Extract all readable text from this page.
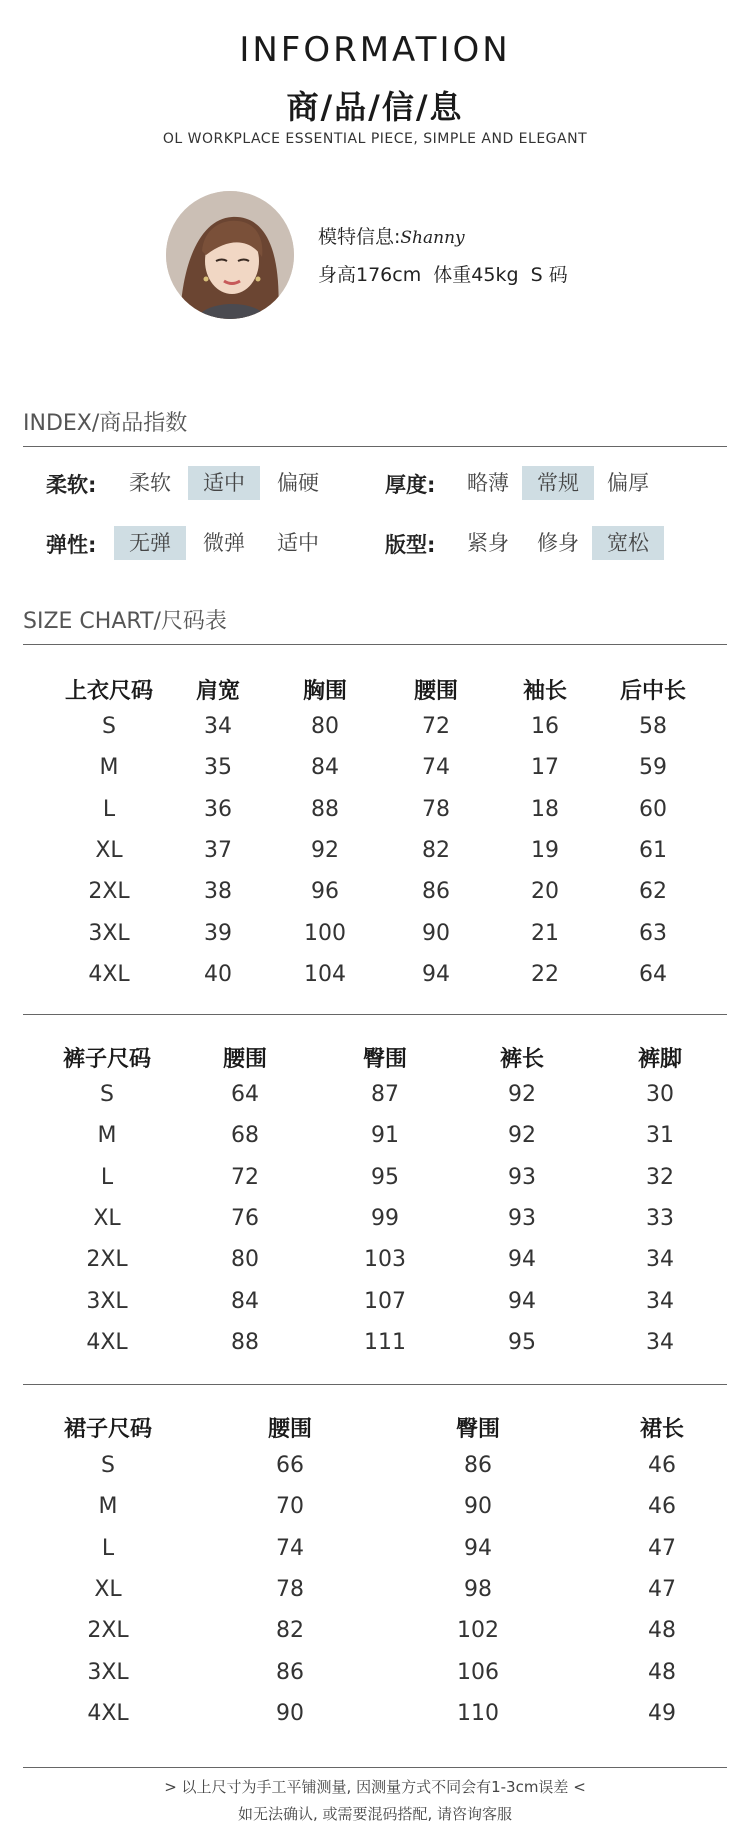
INFORMATION
商/品/信/息
OL WORKPLACE ESSENTIAL PIECE, SIMPLE AND ELEGANT
模特信息:Shanny
身高176cm  体重45kg  S 码
INDEX/商品指数
柔软:	柔软	适中	偏硬	厚度:	略薄	常规	偏厚
弹性:	无弹	微弹	适中	版型:	紧身	修身	宽松
SIZE CHART/尺码表
上衣尺码	肩宽	胸围	腰围	袖长	后中长
S	34	80	72	16	58
M	35	84	74	17	59
L	36	88	78	18	60
XL	37	92	82	19	61
2XL	38	96	86	20	62
3XL	39	100	90	21	63
4XL	40	104	94	22	64
裤子尺码	腰围	臀围	裤长	裤脚
S	64	87	92	30
M	68	91	92	31
L	72	95	93	32
XL	76	99	93	33
2XL	80	103	94	34
3XL	84	107	94	34
4XL	88	111	95	34
裙子尺码	腰围	臀围	裙长
S	66	86	46
M	70	90	46
L	74	94	47
XL	78	98	47
2XL	82	102	48
3XL	86	106	48
4XL	90	110	49
> 以上尺寸为手工平铺测量, 因测量方式不同会有1-3cm误差 <
如无法确认, 或需要混码搭配, 请咨询客服
